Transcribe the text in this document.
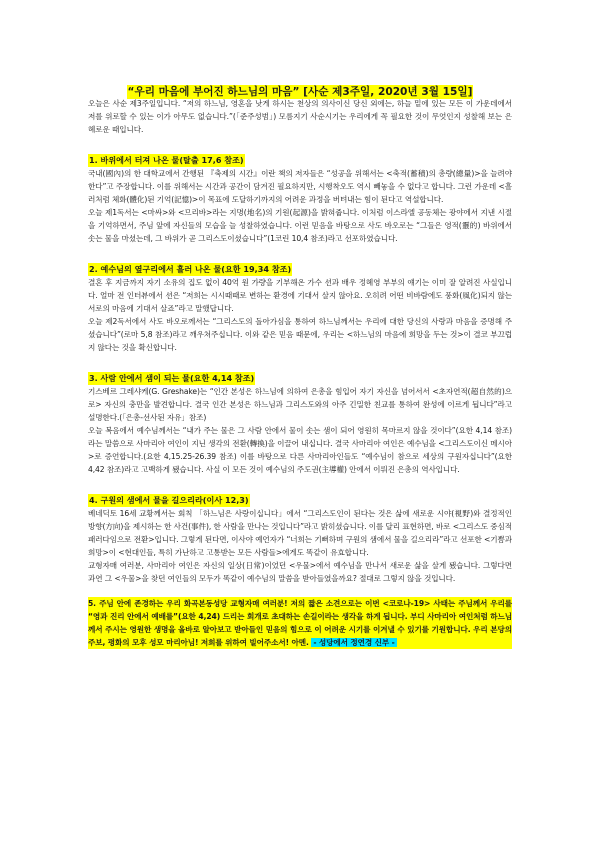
“우리 마음에 부어진 하느님의 마음” [사순 제3주일, 2020년 3월 15일]

오늘은 사순 제3주일입니다. “저의 하느님, 영혼을 낫게 하시는 천상의 의사이신 당신 외에는, 하늘 밑에 있는 모든 이 가운데에서 저를 위로할 수 있는 이가 아무도 없습니다.”(「준주성범」) 모름지기 사순시기는 우리에게 꼭 필요한 것이 무엇인지 성찰해 보는 은혜로운 때입니다.

1. 바위에서 터져 나온 물(탈출 17,6 참조)

국내(國內)의 한 대학교에서 간행된 『축제의 시간』이란 책의 저자들은 “성공을 위해서는 <축적(蓄積)의 총량(總量)>을 늘려야 한다”고 주장합니다. 이를 위해서는 시간과 공간이 담겨진 필요하지만, 시행착오도 역시 빼놓을 수 없다고 합니다. 그런 가운데 <흘러처럼 체화(體化)된 기억(記憶)>이 목표에 도달하기까지의 어려운 과정을 버텨내는 힘이 된다고 역설합니다.

오늘 제1독서는 <마싸>와 <므리바>라는 지명(地名)의 기원(起源)을 밝혀줍니다. 이처럼 이스라엘 공동체는 광야에서 지낸 시절을 기억하면서, 주님 앞에 자신들의 모습을 늘 성찰하였습니다. 이런 믿음을 바탕으로 사도 바오로는 “그들은 영적(靈的) 바위에서 솟는 물을 마셨는데, 그 바위가 곧 그리스도이셨습니다”(1코린 10,4 참조)라고 선포하였습니다.

2. 예수님의 옆구리에서 흘러 나온 물(요한 19,34 참조)

결혼 후 지금까지 자기 소유의 집도 없이 40억 원 가량을 기부해온 가수 션과 배우 정혜영 부부의 얘기는 이미 잘 알려진 사실입니다. 얼마 전 인터뷰에서 션은 “저희는 시시때때로 변하는 환경에 기대서 살지 않아요. 오히려 어떤 비바람에도 풍화(風化)되지 않는 서로의 마음에 기대서 살죠”라고 말했답니다.

오늘 제2독서에서 사도 바오로께서는 “그리스도의 돌아가심을 통하여 하느님께서는 우리에 대한 당신의 사랑과 마음을 증명해 주셨습니다”(로마 5,8 참조)라고 깨우쳐주십니다. 이와 같은 믿음 때문에, 우리는 <하느님의 마음에 희망을 두는 것>이 결코 부끄럽지 않다는 것을 확신합니다.

3. 사람 안에서 샘이 되는 물(요한 4,14 참조)

기스베르 그레샤케(G. Greshake)는 “인간 본성은 하느님에 의하여 은총을 힘입어 자기 자신을 넘어서서 <초자연적(超自然的)으로> 자신의 충만을 발견합니다. 결국 인간 본성은 하느님과 그리스도와의 아주 긴밀한 친교를 통하여 완성에 이르게 됩니다”라고 설명한다.(「은총-선사된 자유」참조)

오늘 복음에서 예수님께서는 “내가 주는 물은 그 사람 안에서 물이 솟는 샘이 되어 영원히 목마르지 않을 것이다”(요한 4,14 참조)라는 말씀으로 사마리아 여인이 지닌 생각의 전환(轉換)을 이끌어 내십니다. 결국 사마리아 여인은 예수님을 <그리스도이신 메시아>로 증언합니다.(요한 4,15.25-26.39 참조) 이를 바탕으로 다른 사마리아인들도 “예수님이 참으로 세상의 구원자십니다”(요한 4,42 참조)라고 고백하게 됐습니다. 사실 이 모든 것이 예수님의 주도권(主導權) 안에서 이뤄진 은총의 역사입니다.

4. 구원의 샘에서 물을 길으리라(이사 12,3)

베네딕토 16세 교황께서는 회칙 「하느님은 사랑이십니다」에서 “그리스도인이 된다는 것은 삶에 새로운 시야(視野)와 결정적인 방향(方向)을 제시하는 한 사건(事件), 한 사람을 만나는 것입니다”라고 밝히셨습니다. 이를 달리 표현하면, 바로 <그리스도 중심적 패러다임으로 전환>입니다. 그렇게 된다면, 이사야 예언자가 “너희는 기뻐하며 구원의 샘에서 물을 길으리라”라고 선포한 <기쁨과 희망>이 <현대인들, 특히 가난하고 고통받는 모든 사람들>에게도 똑같이 유효합니다.

교형자매 여러분, 사마리아 여인은 자신의 일상(日常)이었던 <우물>에서 예수님을 만나서 새로운 삶을 살게 됐습니다. 그렇다면 과연 그 <우물>을 찾던 여인들의 모두가 똑같이 예수님의 말씀을 받아들였을까요? 절대로 그렇지 않을 것입니다.

5. 주님 안에 존경하는 우리 화곡본동성당 교형자매 여러분! 저의 짧은 소견으로는 이번 <코로나-19> 사태는 주님께서 우리를 “영과 진리 안에서 예배를”(요한 4,24) 드리는 회개로 초대하는 손길이라는 생각을 하게 됩니다. 부디 사마리아 여인처럼 하느님께서 주시는 영원한 생명을 올바로 알아보고 받아들인 믿음의 힘으로 이 어려운 시기를 이겨낼 수 있기를 기원합니다. 우리 본당의 주보, 평화의 모후 성모 마리아님! 저희를 위하여 빌어주소서! 아멘. - 성당에서 정연경 신부 -
